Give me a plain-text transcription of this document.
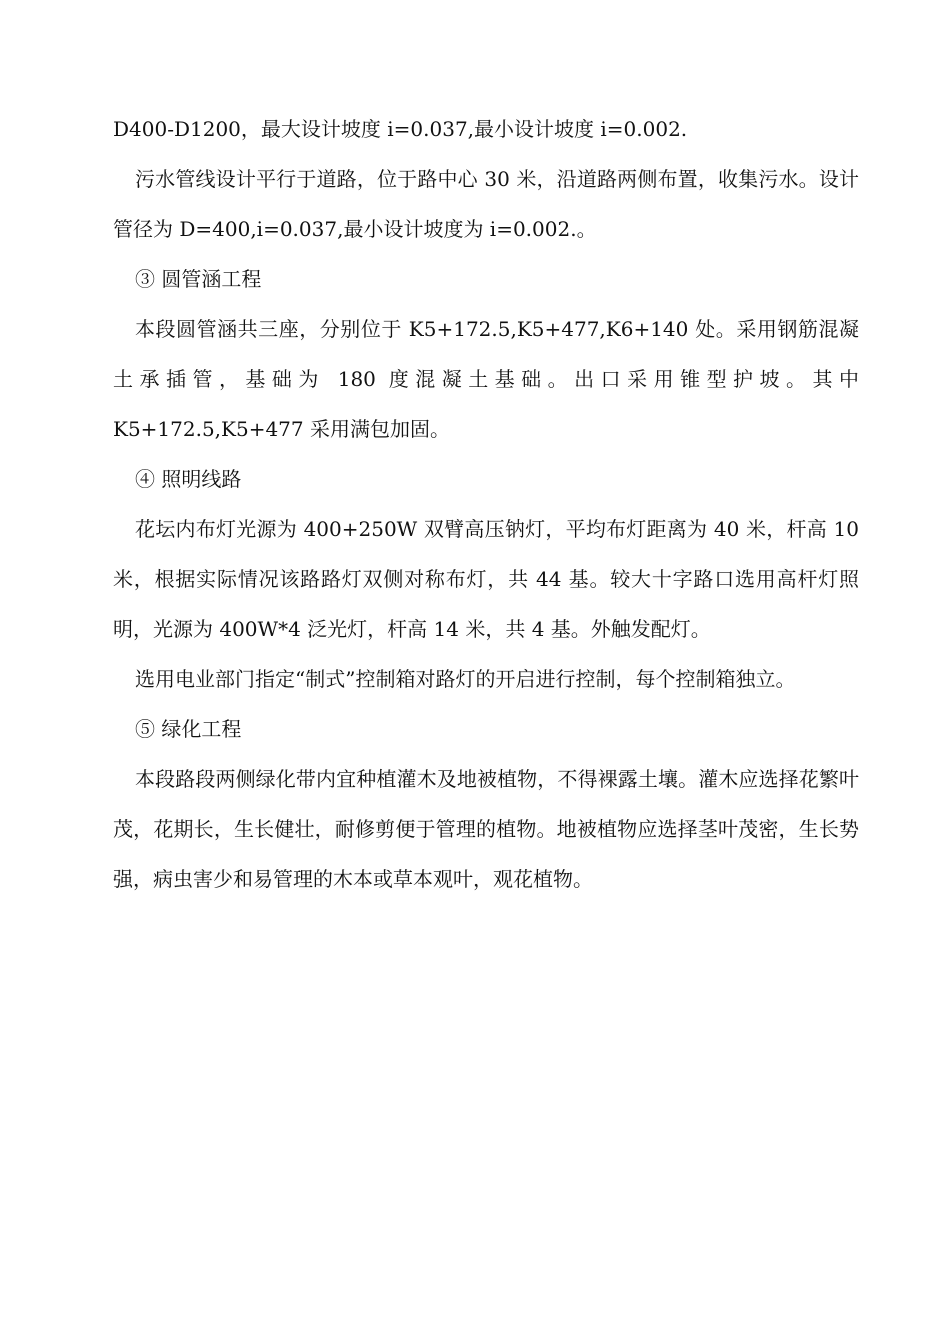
D400-D1200，最大设计坡度 i=0.037,最小设计坡度 i=0.002.

污水管线设计平行于道路，位于路中心 30 米，沿道路两侧布置，收集污水。设计管径为 D=400,i=0.037,最小设计坡度为 i=0.002.。

③ 圆管涵工程

本段圆管涵共三座，分别位于 K5+172.5,K5+477,K6+140 处。采用钢筋混凝土承插管，基础为 180 度混凝土基础。出口采用锥型护坡。其中 K5+172.5,K5+477 采用满包加固。

④ 照明线路

花坛内布灯光源为 400+250W 双臂高压钠灯，平均布灯距离为 40 米，杆高 10 米，根据实际情况该路路灯双侧对称布灯，共 44 基。较大十字路口选用高杆灯照明，光源为 400W*4 泛光灯，杆高 14 米，共 4 基。外触发配灯。

选用电业部门指定“制式”控制箱对路灯的开启进行控制，每个控制箱独立。

⑤ 绿化工程

本段路段两侧绿化带内宜种植灌木及地被植物，不得裸露土壤。灌木应选择花繁叶茂，花期长，生长健壮，耐修剪便于管理的植物。地被植物应选择茎叶茂密，生长势强，病虫害少和易管理的木本或草本观叶，观花植物。
